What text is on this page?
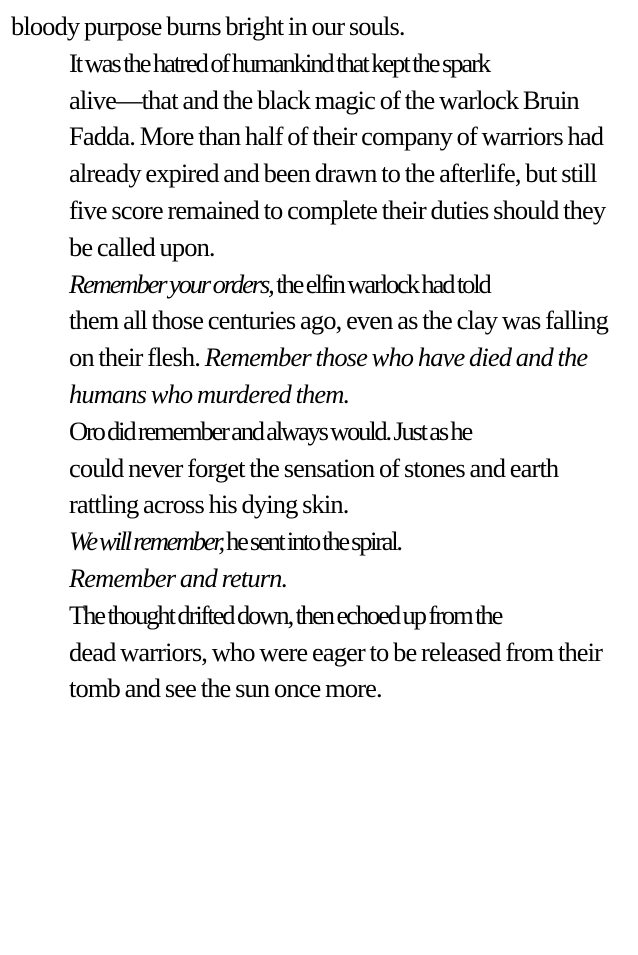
bloody purpose burns bright in our souls.
It was the hatred of humankind that kept the spark
alive—that and the black magic of the warlock Bruin
Fadda. More than half of their company of warriors had
already expired and been drawn to the afterlife, but still
five score remained to complete their duties should they
be called upon.
Remember your orders, the elfin warlock had told
them all those centuries ago, even as the clay was falling
on their flesh. Remember those who have died and the
humans who murdered them.
Oro did remember and always would. Just as he
could never forget the sensation of stones and earth
rattling across his dying skin.
We will remember, he sent into the spiral.
Remember and return.
The thought drifted down, then echoed up from the
dead warriors, who were eager to be released from their
tomb and see the sun once more.
